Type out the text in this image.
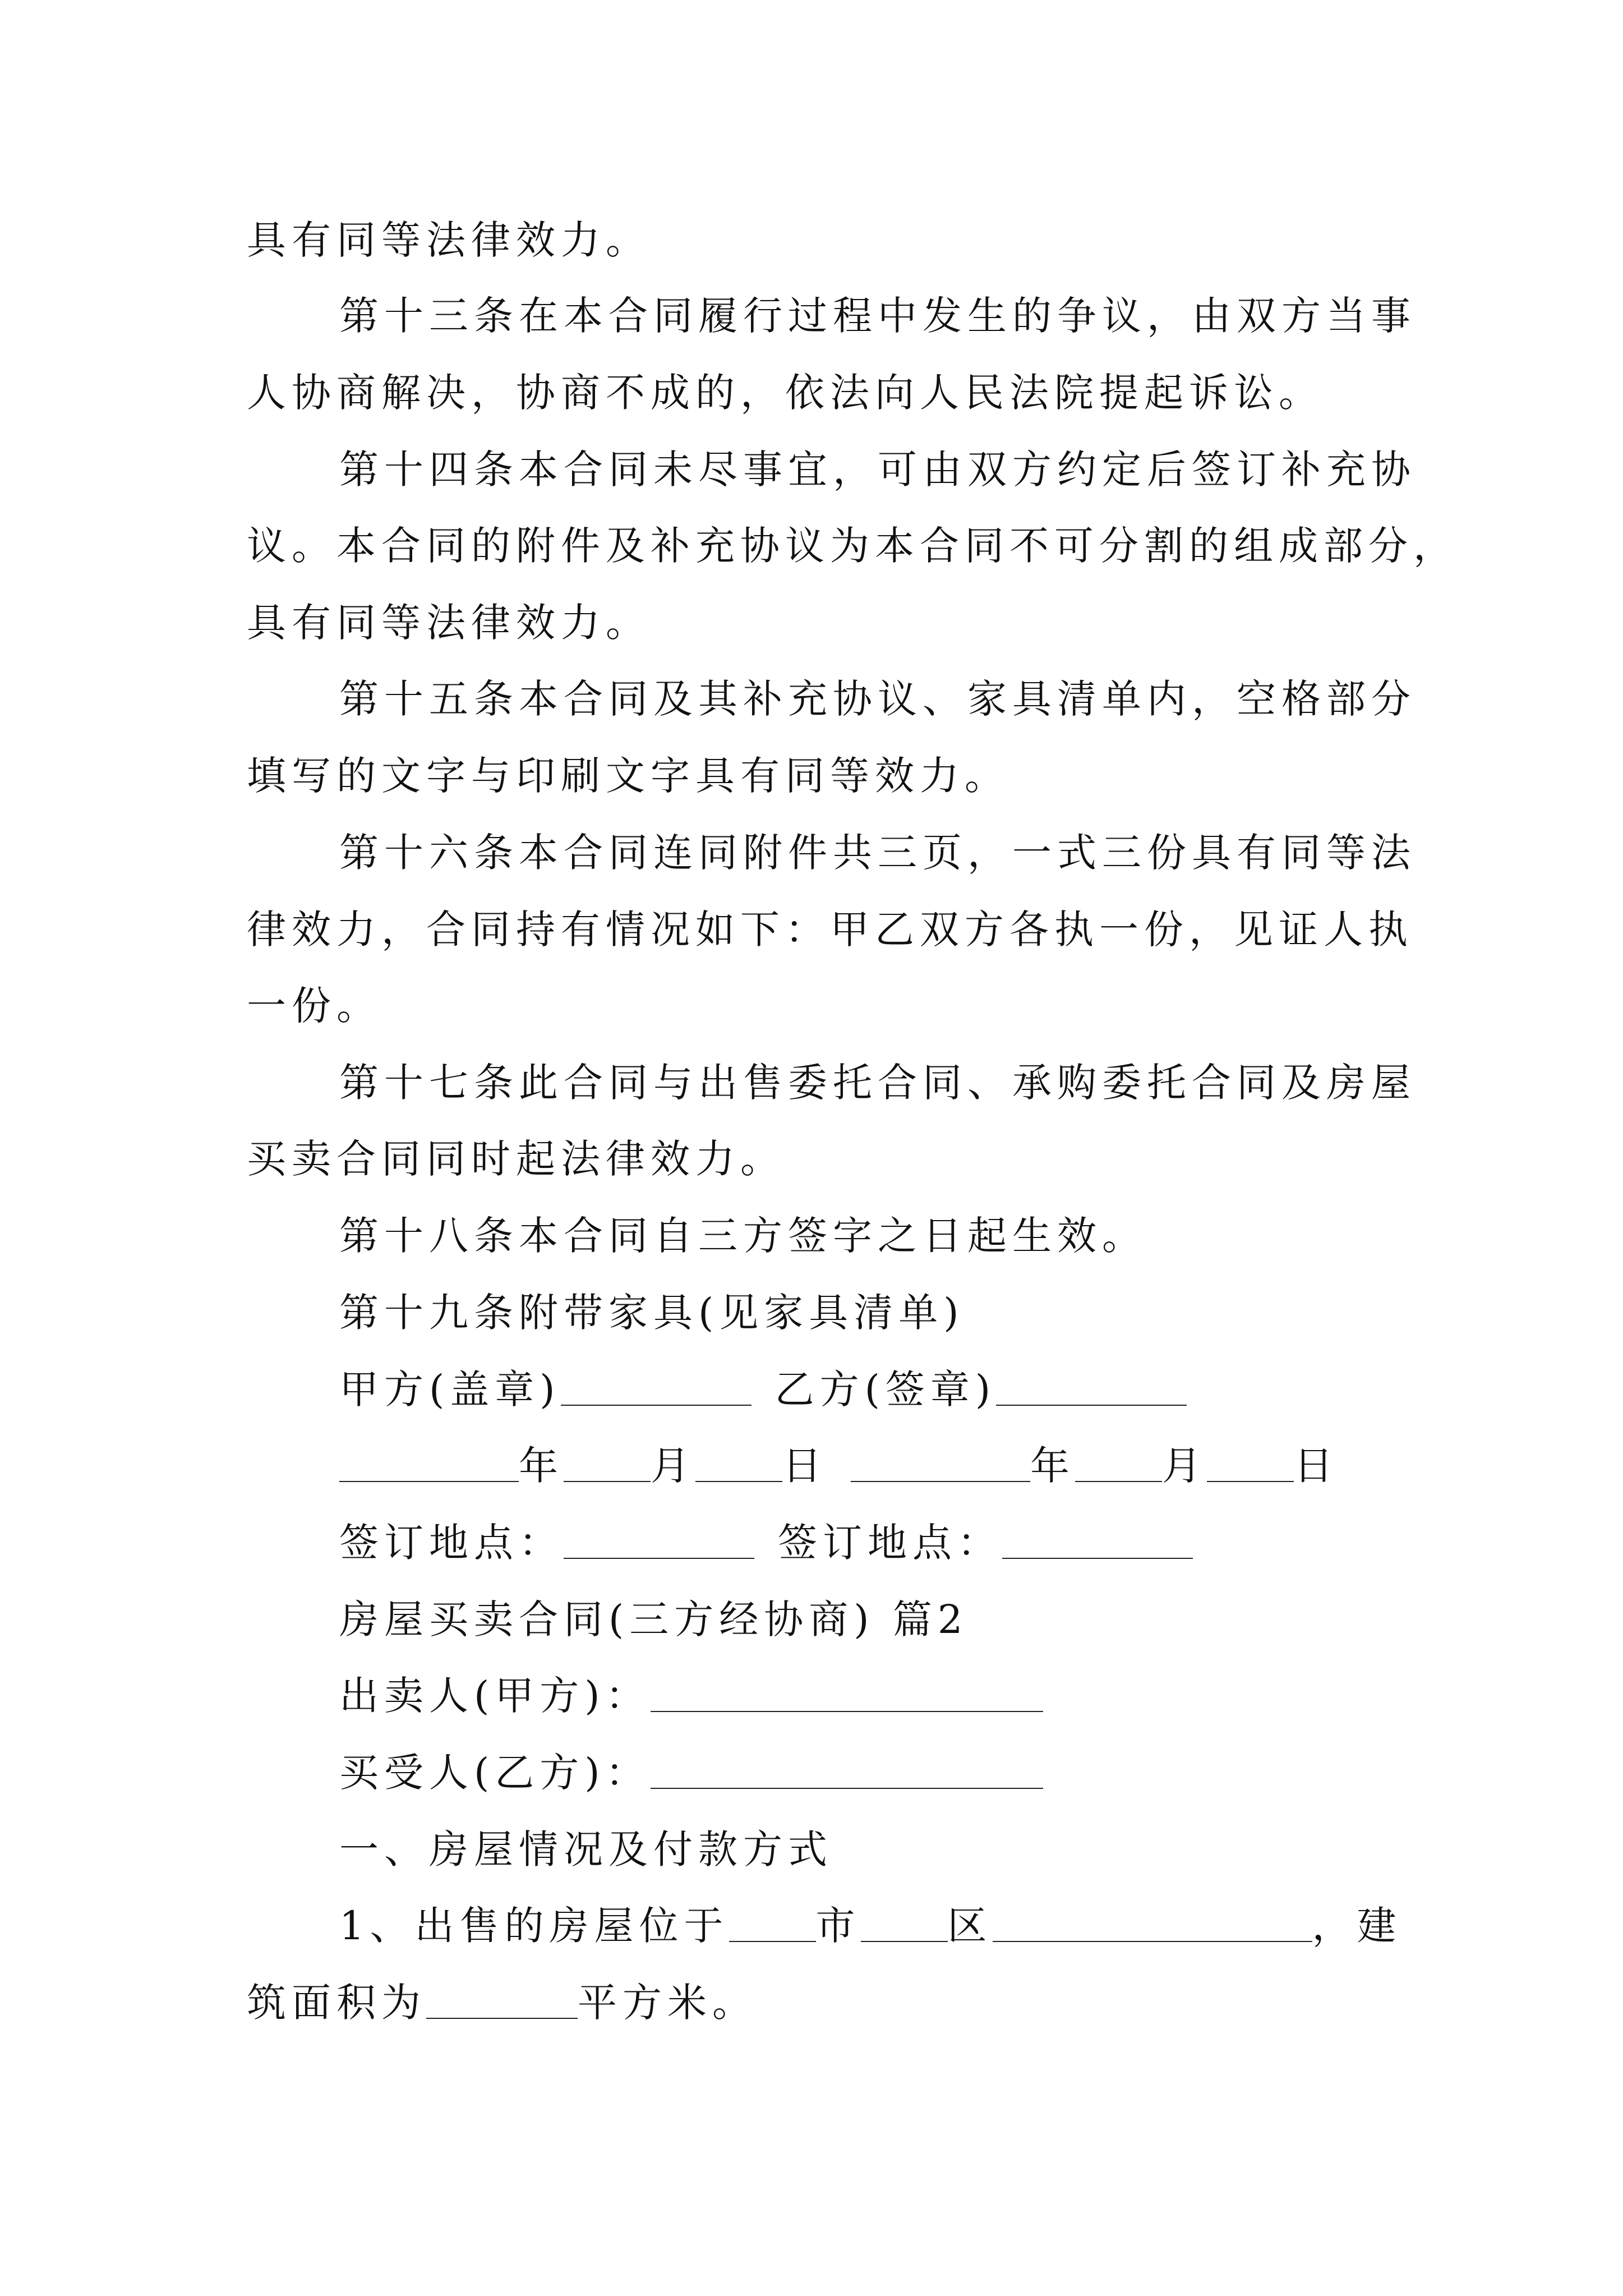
具有同等法律效力。
第十三条在本合同履行过程中发生的争议，由双方当事
人协商解决，协商不成的，依法向人民法院提起诉讼。
第十四条本合同未尽事宜，可由双方约定后签订补充协
议。本合同的附件及补充协议为本合同不可分割的组成部分，
具有同等法律效力。
第十五条本合同及其补充协议、家具清单内，空格部分
填写的文字与印刷文字具有同等效力。
第十六条本合同连同附件共三页，一式三份具有同等法
律效力，合同持有情况如下：甲乙双方各执一份，见证人执
一份。
第十七条此合同与出售委托合同、承购委托合同及房屋
买卖合同同时起法律效力。
第十八条本合同自三方签字之日起生效。
第十九条附带家具(见家具清单)
甲方(盖章)	乙方(签章)
年 月 日	年 月 日
签订地点：	签订地点：
房屋买卖合同(三方经协商) 篇2
出卖人(甲方)：
买受人(乙方)：
一、房屋情况及付款方式
1、出售的房屋位于 市 区	，建
筑面积为	平方米。
